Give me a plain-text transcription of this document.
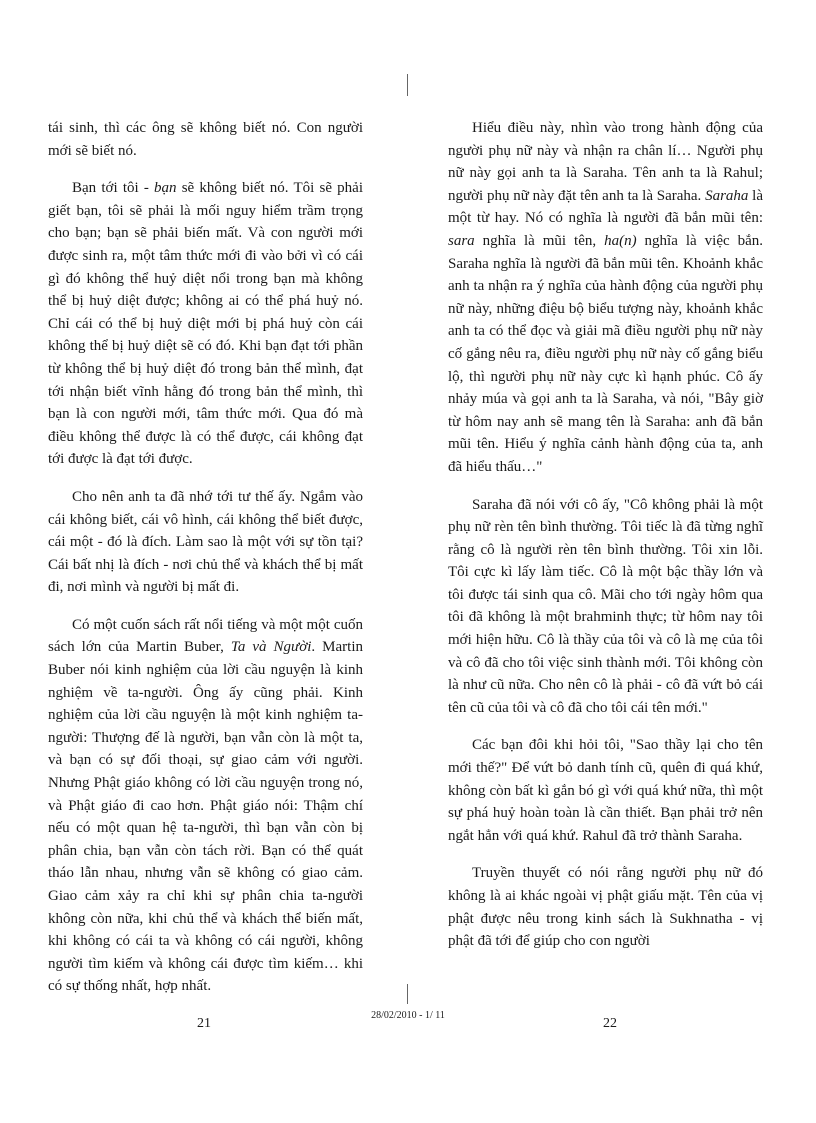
tái sinh, thì các ông sẽ không biết nó. Con người mới sẽ biết nó.

Bạn tới tôi - bạn sẽ không biết nó. Tôi sẽ phải giết bạn, tôi sẽ phải là mối nguy hiểm trầm trọng cho bạn; bạn sẽ phải biến mất. Và con người mới được sinh ra, một tâm thức mới đi vào bởi vì có cái gì đó không thể huỷ diệt nổi trong bạn mà không thể bị huỷ diệt được; không ai có thể phá huỷ nó. Chỉ cái có thể bị huỷ diệt mới bị phá huỷ còn cái không thể bị huỷ diệt sẽ có đó. Khi bạn đạt tới phần từ không thể bị huỷ diệt đó trong bản thể mình, đạt tới nhận biết vĩnh hằng đó trong bản thể mình, thì bạn là con người mới, tâm thức mới. Qua đó mà điều không thể được là có thể được, cái không đạt tới được là đạt tới được.

Cho nên anh ta đã nhớ tới tư thế ấy. Ngắm vào cái không biết, cái vô hình, cái không thể biết được, cái một - đó là đích. Làm sao là một với sự tồn tại? Cái bất nhị là đích - nơi chủ thể và khách thể bị mất đi, nơi mình và người bị mất đi.

Có một cuốn sách rất nổi tiếng và một một cuốn sách lớn của Martin Buber, Ta và Người. Martin Buber nói kinh nghiệm của lời cầu nguyện là kinh nghiệm về ta-người. Ông ấy cũng phải. Kinh nghiệm của lời cầu nguyện là một kinh nghiệm ta-người: Thượng đế là người, bạn vẫn còn là một ta, và bạn có sự đối thoại, sự giao cảm với người. Nhưng Phật giáo không có lời cầu nguyện trong nó, và Phật giáo đi cao hơn. Phật giáo nói: Thậm chí nếu có một quan hệ ta-người, thì bạn vẫn còn bị phân chia, bạn vẫn còn tách rời. Bạn có thể quát tháo lẫn nhau, nhưng vẫn sẽ không có giao cảm. Giao cảm xảy ra chỉ khi sự phân chia ta-người không còn nữa, khi chủ thể và khách thể biến mất, khi không có cái ta và không có cái người, không người tìm kiếm và không cái được tìm kiếm… khi có sự thống nhất, hợp nhất.

Hiểu điều này, nhìn vào trong hành động của người phụ nữ này và nhận ra chân lí… Người phụ nữ này gọi anh ta là Saraha. Tên anh ta là Rahul; người phụ nữ này đặt tên anh ta là Saraha. Saraha là một từ hay. Nó có nghĩa là người đã bắn mũi tên: sara nghĩa là mũi tên, ha(n) nghĩa là việc bắn. Saraha nghĩa là người đã bắn mũi tên. Khoảnh khắc anh ta nhận ra ý nghĩa của hành động của người phụ nữ này, những điệu bộ biểu tượng này, khoảnh khắc anh ta có thể đọc và giải mã điều người phụ nữ này cố gắng nêu ra, điều người phụ nữ này cố gắng biểu lộ, thì người phụ nữ này cực kì hạnh phúc. Cô ấy nhảy múa và gọi anh ta là Saraha, và nói, "Bây giờ từ hôm nay anh sẽ mang tên là Saraha: anh đã bắn mũi tên. Hiểu ý nghĩa cảnh hành động của ta, anh đã hiểu thấu…"

Saraha đã nói với cô ấy, "Cô không phải là một phụ nữ rèn tên bình thường. Tôi tiếc là đã từng nghĩ rằng cô là người rèn tên bình thường. Tôi xin lỗi. Tôi cực kì lấy làm tiếc. Cô là một bậc thầy lớn và tôi được tái sinh qua cô. Mãi cho tới ngày hôm qua tôi đã không là một brahminh thực; từ hôm nay tôi mới hiện hữu. Cô là thầy của tôi và cô là mẹ của tôi và cô đã cho tôi việc sinh thành mới. Tôi không còn là như cũ nữa. Cho nên cô là phải - cô đã vứt bỏ cái tên cũ của tôi và cô đã cho tôi cái tên mới."

Các bạn đôi khi hỏi tôi, "Sao thầy lại cho tên mới thế?" Để vứt bỏ danh tính cũ, quên đi quá khứ, không còn bất kì gắn bó gì với quá khứ nữa, thì một sự phá huỷ hoàn toàn là cần thiết. Bạn phải trở nên ngắt hẳn với quá khứ. Rahul đã trở thành Saraha.

Truyền thuyết có nói rằng người phụ nữ đó không là ai khác ngoài vị phật giấu mặt. Tên của vị phật được nêu trong kinh sách là Sukhnatha - vị phật đã tới để giúp cho con người

21
28/02/2010 - 1/ 11
22
